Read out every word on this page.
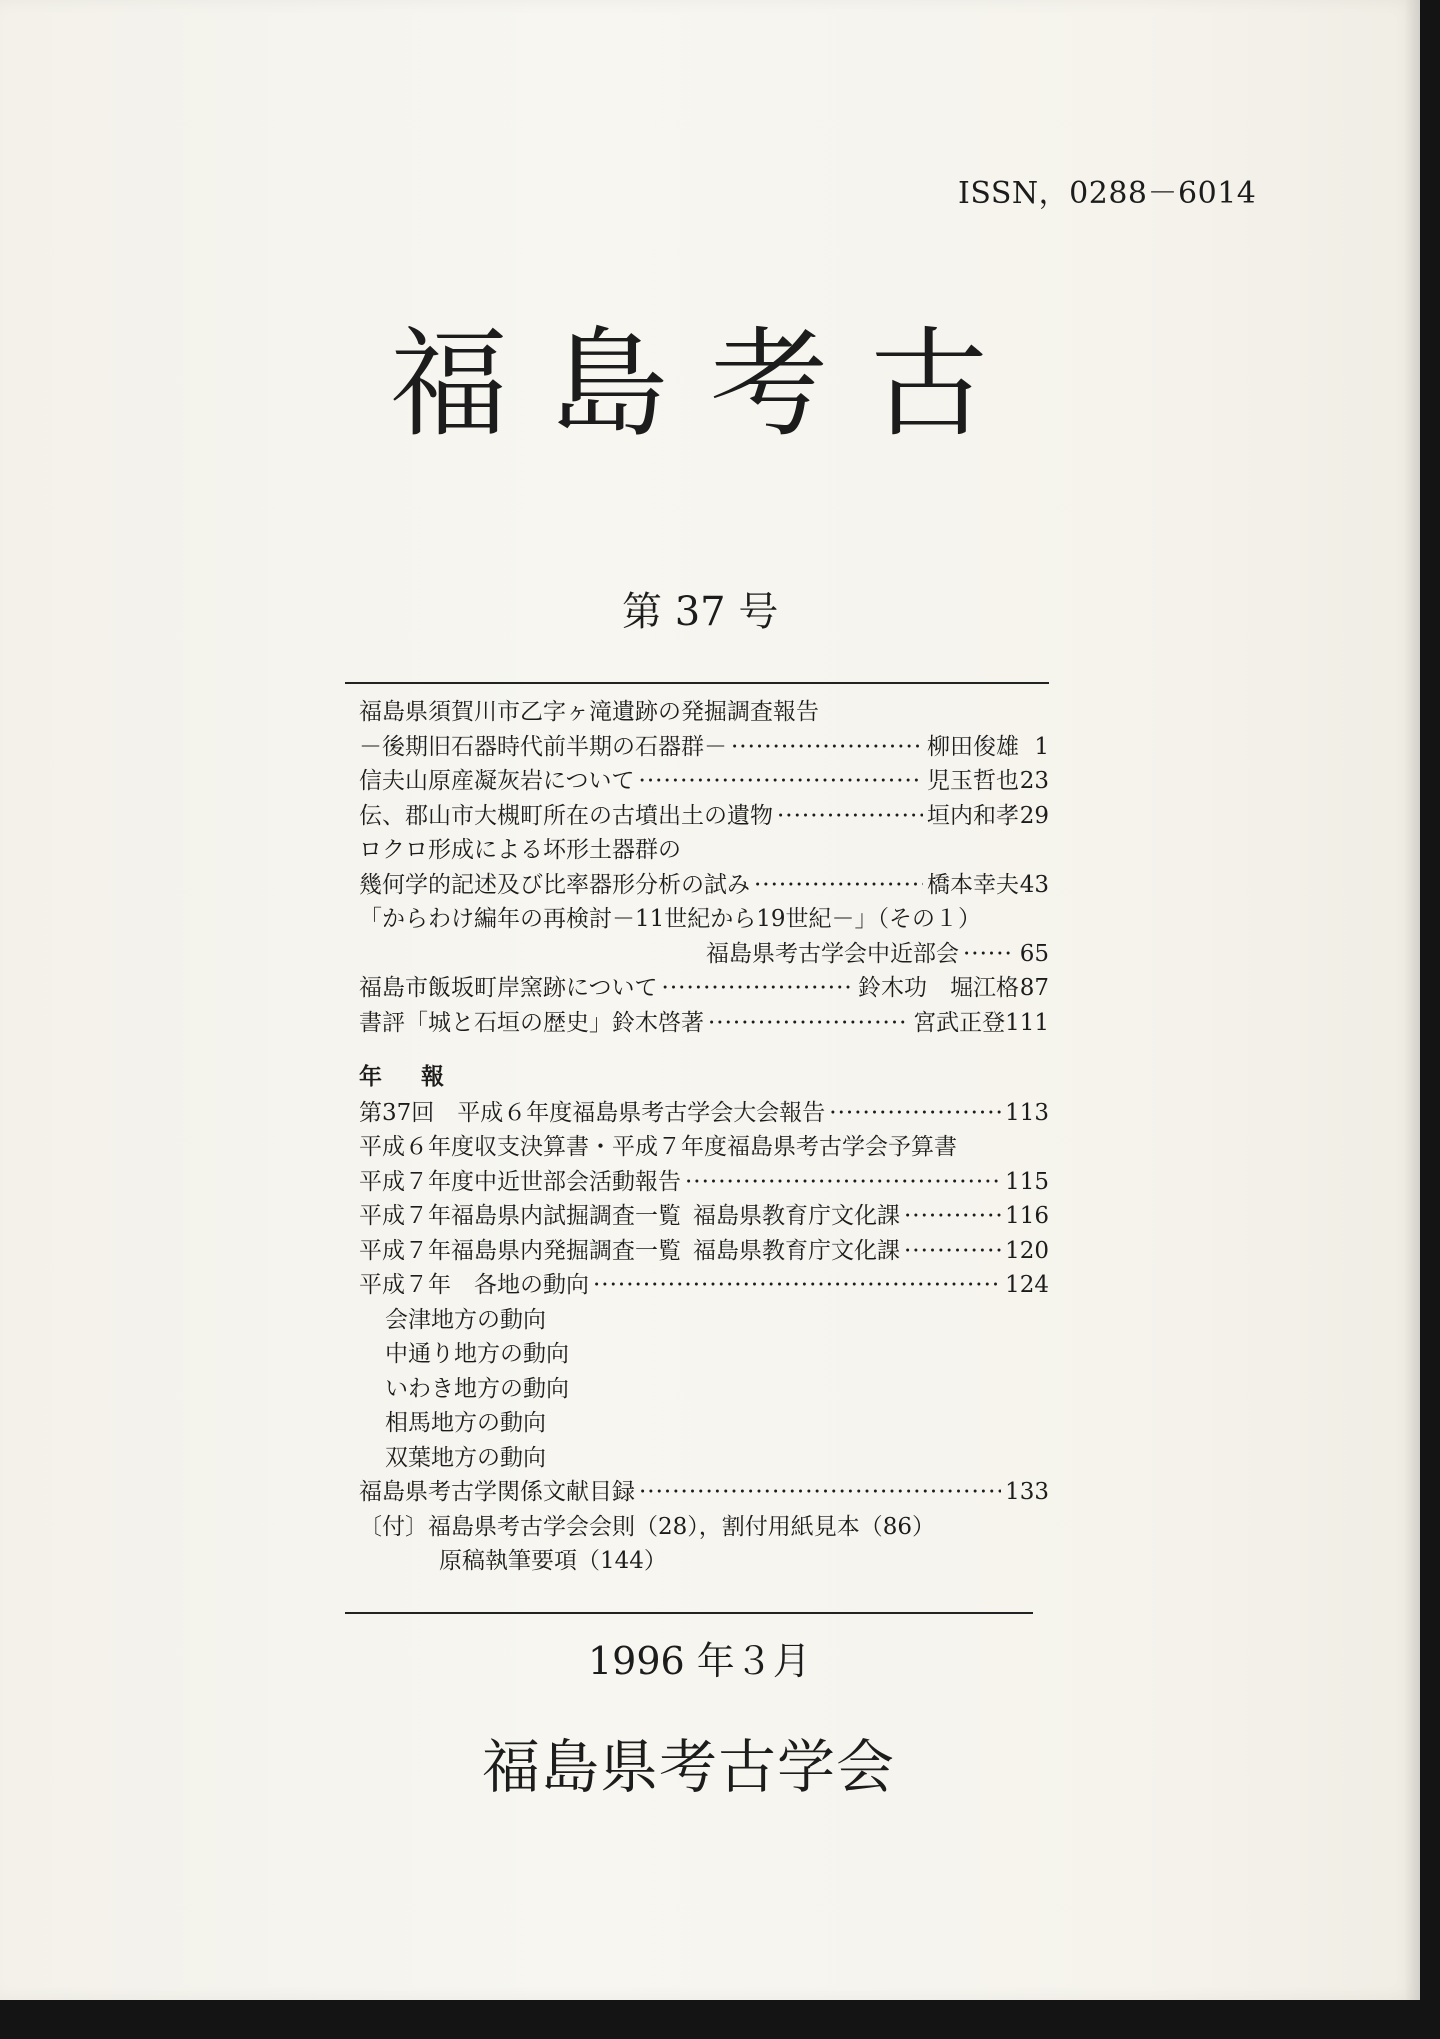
ISSN，0288－6014
福島考古
第 37 号
福島県須賀川市乙字ヶ滝遺跡の発掘調査報告
－後期旧石器時代前半期の石器群－ ·····	柳田俊雄 1
信夫山原産凝灰岩について ·····	児玉哲也 23
伝、郡山市大槻町所在の古墳出土の遺物 ·····	垣内和孝 29
ロクロ形成による坏形土器群の
幾何学的記述及び比率器形分析の試み ·····	橋本幸夫 43
「からわけ編年の再検討－11世紀から19世紀－」（その１）
福島県考古学会中近部会 ·····	65
福島市飯坂町岸窯跡について ·····	鈴木功　堀江格 87
書評「城と石垣の歴史」鈴木啓著 ·····	宮武正登 111
年　報
第37回　平成６年度福島県考古学会大会報告 ·····	113
平成６年度収支決算書・平成７年度福島県考古学会予算書
平成７年度中近世部会活動報告 ·····	115
平成７年福島県内試掘調査一覧 福島県教育庁文化課 ·····	116
平成７年福島県内発掘調査一覧 福島県教育庁文化課 ·····	120
平成７年　各地の動向 ·····	124
会津地方の動向
中通り地方の動向
いわき地方の動向
相馬地方の動向
双葉地方の動向
福島県考古学関係文献目録 ·····	133
〔付〕福島県考古学会会則（28），割付用紙見本（86）
原稿執筆要項（144）
1996 年３月
福島県考古学会
